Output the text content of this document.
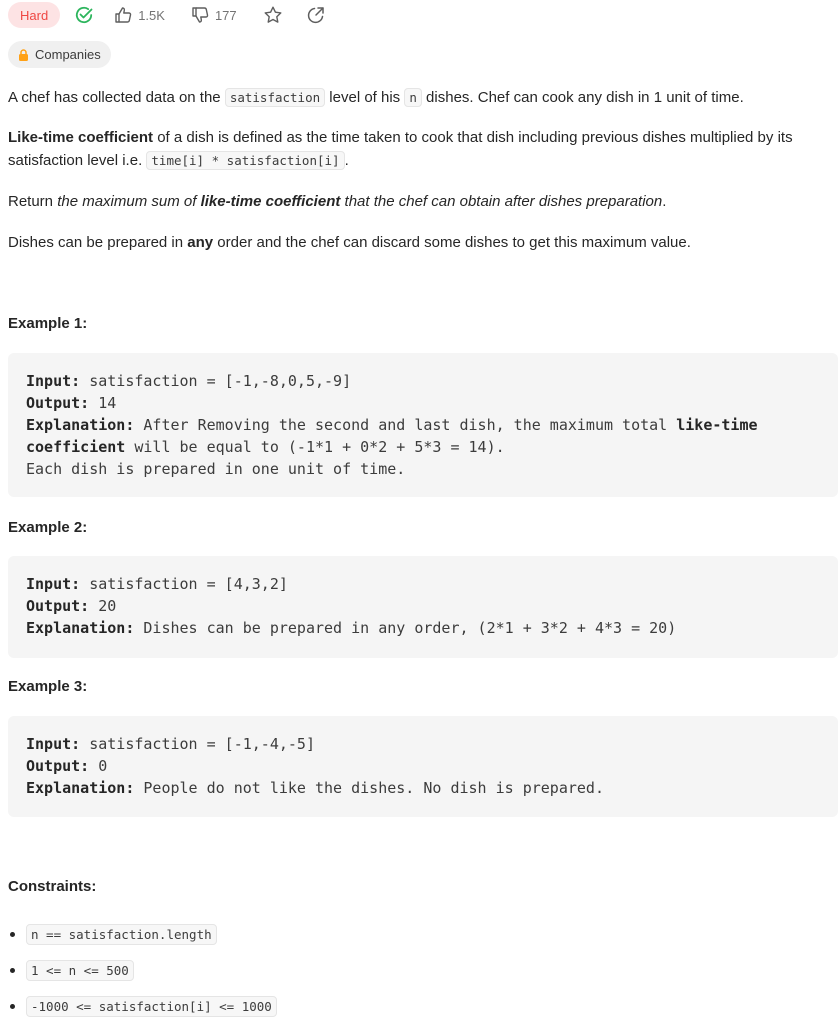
Hard	1.5K	177
Companies

A chef has collected data on the satisfaction level of his n dishes. Chef can cook any dish in 1 unit of time.

Like-time coefficient of a dish is defined as the time taken to cook that dish including previous dishes multiplied by its satisfaction level i.e. time[i] * satisfaction[i] .

Return the maximum sum of like-time coefficient that the chef can obtain after dishes preparation.

Dishes can be prepared in any order and the chef can discard some dishes to get this maximum value.

Example 1:
Input: satisfaction = [-1,-8,0,5,-9]
Output: 14
Explanation: After Removing the second and last dish, the maximum total like-time
coefficient will be equal to (-1*1 + 0*2 + 5*3 = 14).
Each dish is prepared in one unit of time.
Example 2:
Input: satisfaction = [4,3,2]
Output: 20
Explanation: Dishes can be prepared in any order, (2*1 + 3*2 + 4*3 = 20)
Example 3:
Input: satisfaction = [-1,-4,-5]
Output: 0
Explanation: People do not like the dishes. No dish is prepared.
Constraints:
n == satisfaction.length
1 <= n <= 500
-1000 <= satisfaction[i] <= 1000
